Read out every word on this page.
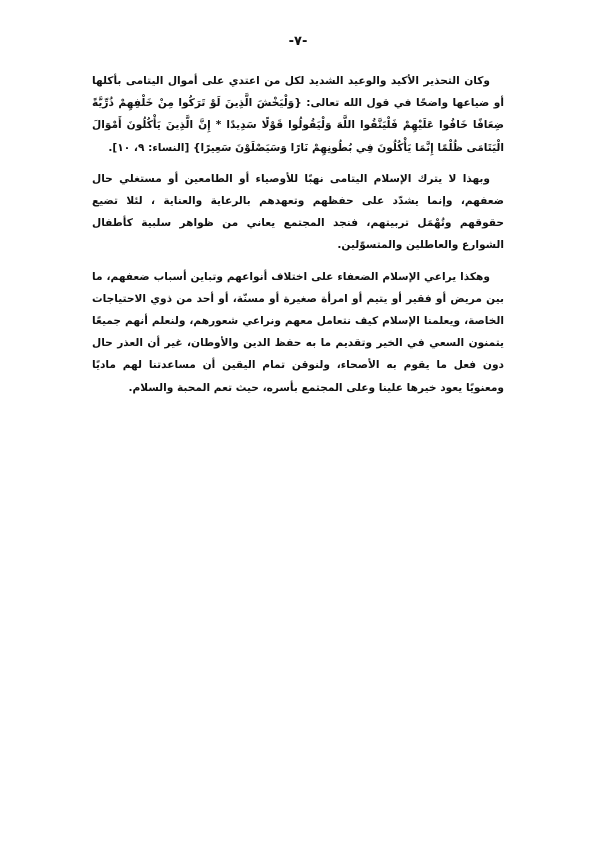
-٧-

وكان التحذير الأكيد والوعيد الشديد لكل من اعتدي على أموال اليتامى بأكلها أو ضياعها واضحًا في قول الله تعالى: {وَلْيَخْشَ الَّذِينَ لَوْ تَرَكُوا مِنْ خَلْفِهِمْ ذُرِّيَّةً ضِعَافًا خَافُوا عَلَيْهِمْ فَلْيَتَّقُوا اللَّهَ وَلْيَقُولُوا قَوْلًا سَدِيدًا * إِنَّ الَّذِينَ يَأْكُلُونَ أَمْوَالَ الْيَتَامَى ظُلْمًا إِنَّمَا يَأْكُلُونَ فِي بُطُونِهِمْ نَارًا وَسَيَصْلَوْنَ سَعِيرًا} [النساء: ٩، ١٠].

وبهذا لا يترك الإسلام اليتامى نهبًا للأوصياء أو الطامعين أو مستغلي حال ضعفهم، وإنما يشدّد على حفظهم وتعهدهم بالرعاية والعناية ، لئلا تضيع حقوقهم وتُهْمَل تربيتهم، فنجد المجتمع يعاني من ظواهر سلبية كأطفال الشوارع والعاطلين والمتسوّلين.

وهكذا يراعي الإسلام الضعفاء على اختلاف أنواعهم وتباين أسباب ضعفهم، ما بين مريض أو فقير أو يتيم أو امرأة صغيرة أو مسنّة، أو أحد من ذوي الاحتياجات الخاصة، ويعلمنا الإسلام كيف نتعامل معهم ونراعي شعورهم، ولنعلم أنهم جميعًا يتمنون السعي في الخير وتقديم ما به حفظ الدين والأوطان، غير أن العذر حال دون فعل ما يقوم به الأصحاء، ولنوقن تمام اليقين أن مساعدتنا لهم ماديًا ومعنويًا يعود خيرها علينا وعلى المجتمع بأسره، حيث تعم المحبة والسلام.
